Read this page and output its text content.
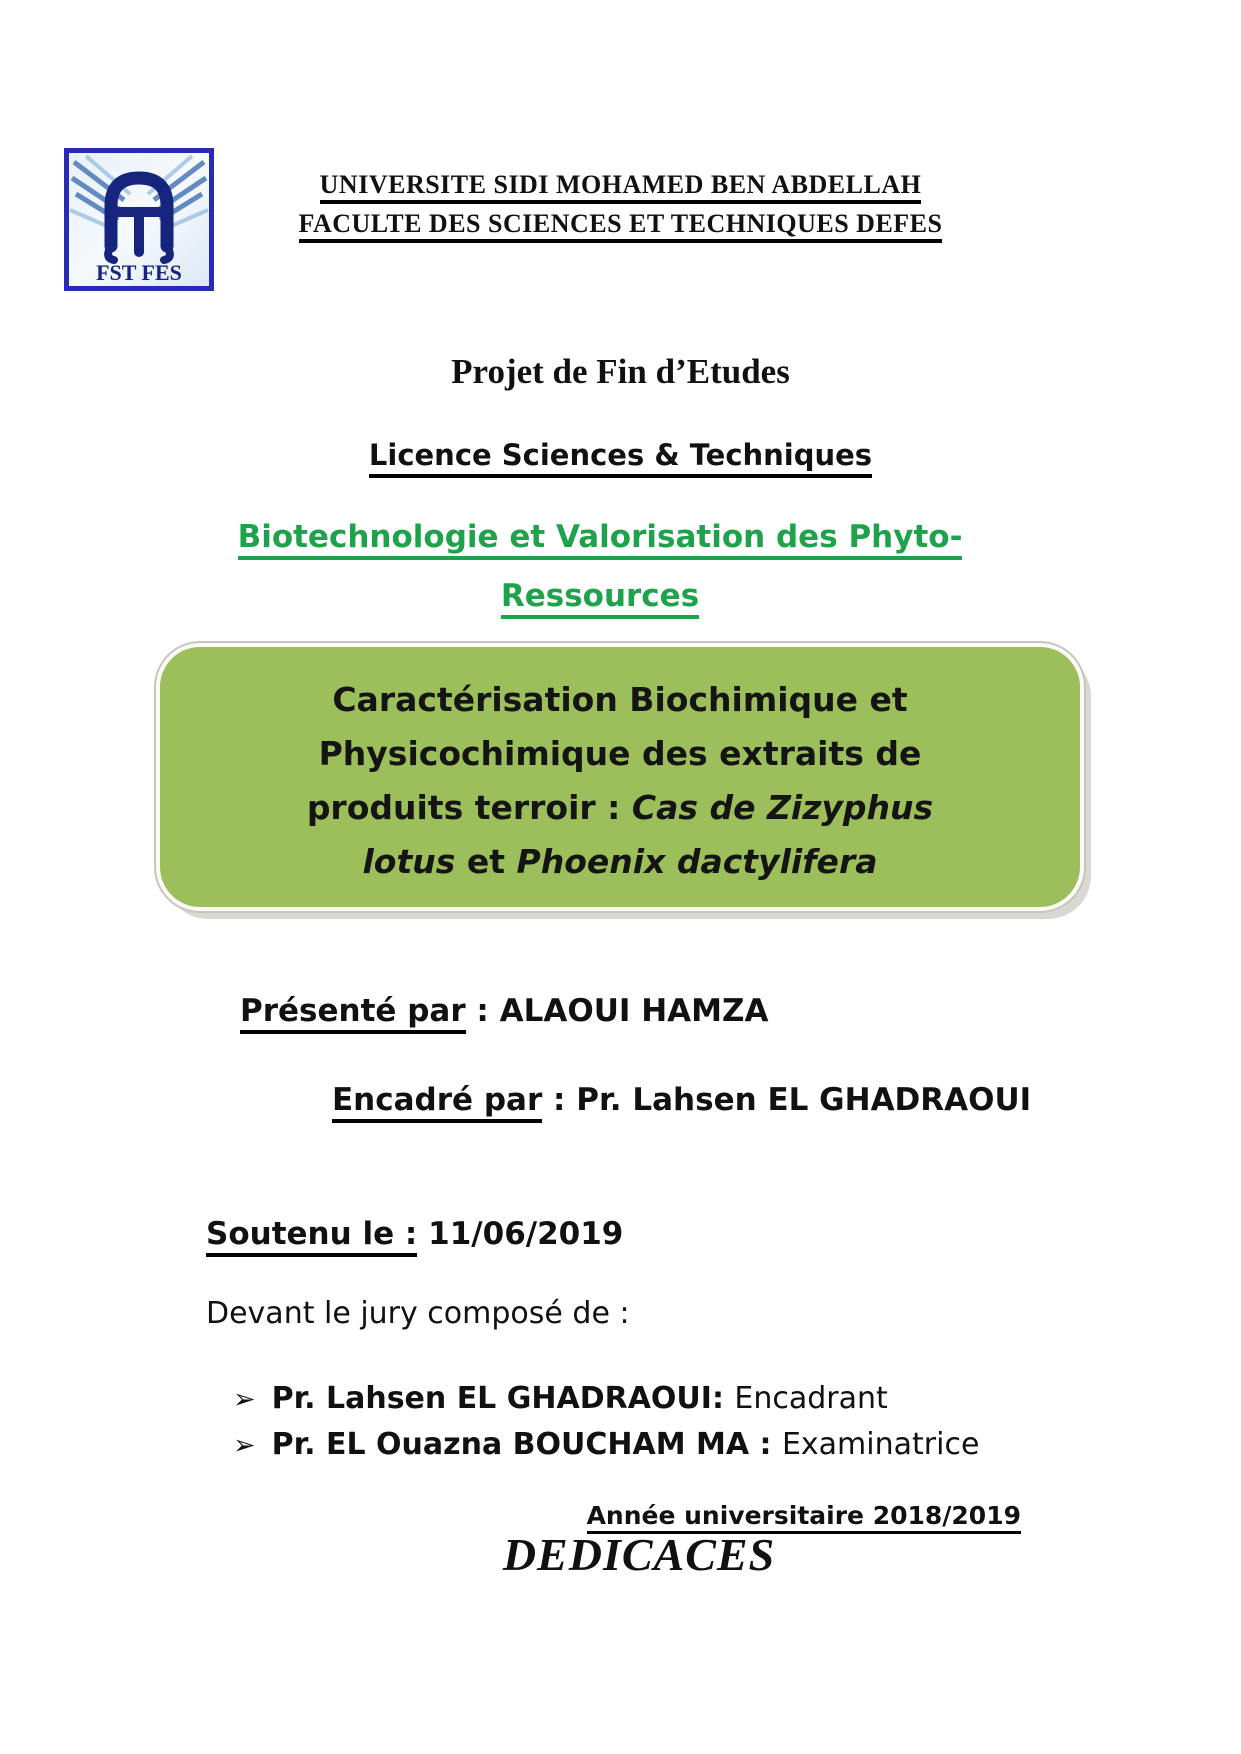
FST FES
UNIVERSITE SIDI MOHAMED BEN ABDELLAH
FACULTE DES SCIENCES ET TECHNIQUES DEFES
Projet de Fin d’Etudes
Licence Sciences & Techniques
Biotechnologie et Valorisation des Phyto-
Ressources
Caractérisation Biochimique et
Physicochimique des extraits de
produits terroir : Cas de Zizyphus
lotus et Phoenix dactylifera
Présenté par : ALAOUI HAMZA
Encadré par : Pr. Lahsen EL GHADRAOUI
Soutenu le : 11/06/2019
Devant le jury composé de :
➢ Pr. Lahsen EL GHADRAOUI: Encadrant
➢ Pr. EL Ouazna BOUCHAM MA : Examinatrice
Année universitaire 2018/2019
DEDICACES
